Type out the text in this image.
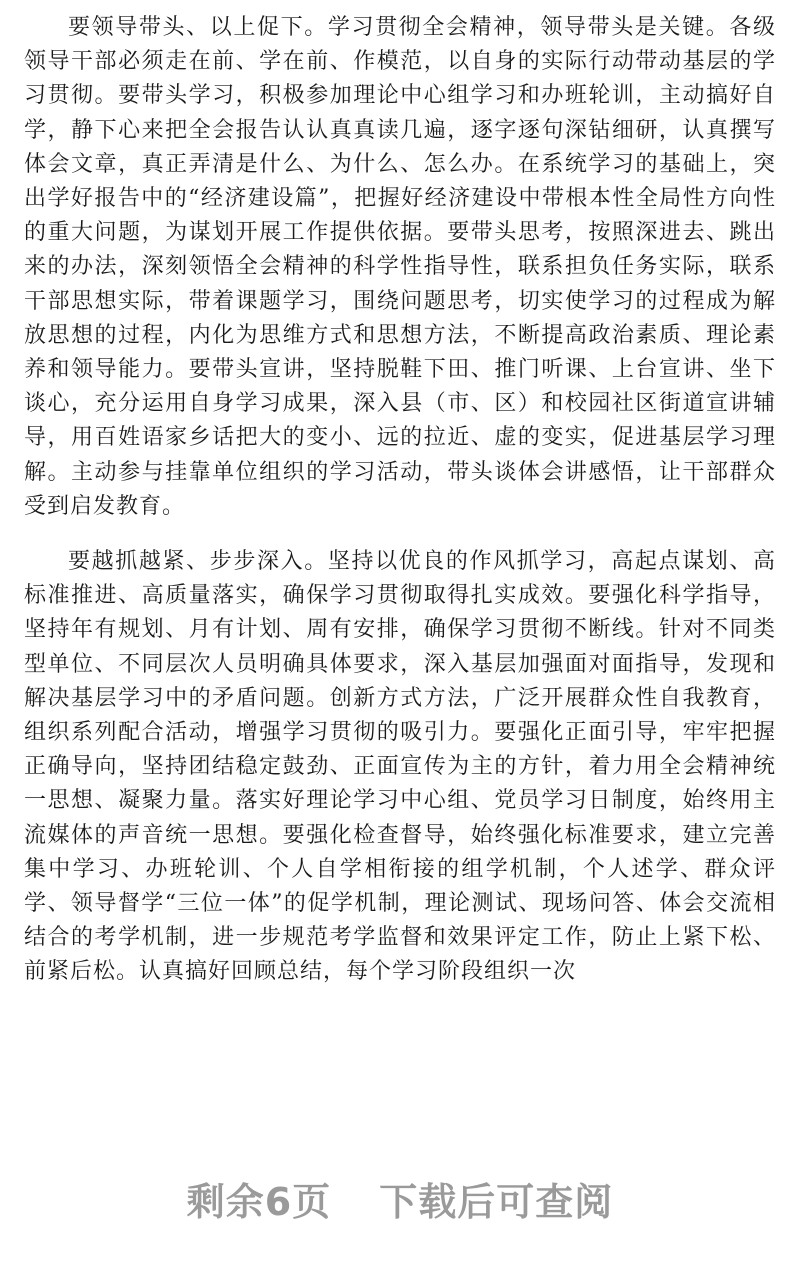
要领导带头、以上促下。学习贯彻全会精神，领导带头是关键。各级领导干部必须走在前、学在前、作模范，以自身的实际行动带动基层的学习贯彻。要带头学习，积极参加理论中心组学习和办班轮训，主动搞好自学，静下心来把全会报告认认真真读几遍，逐字逐句深钻细研，认真撰写体会文章，真正弄清是什么、为什么、怎么办。在系统学习的基础上，突出学好报告中的“经济建设篇”，把握好经济建设中带根本性全局性方向性的重大问题，为谋划开展工作提供依据。要带头思考，按照深进去、跳出来的办法，深刻领悟全会精神的科学性指导性，联系担负任务实际，联系干部思想实际，带着课题学习，围绕问题思考，切实使学习的过程成为解放思想的过程，内化为思维方式和思想方法，不断提高政治素质、理论素养和领导能力。要带头宣讲，坚持脱鞋下田、推门听课、上台宣讲、坐下谈心，充分运用自身学习成果，深入县（市、区）和校园社区街道宣讲辅导，用百姓语家乡话把大的变小、远的拉近、虚的变实，促进基层学习理解。主动参与挂靠单位组织的学习活动，带头谈体会讲感悟，让干部群众受到启发教育。

要越抓越紧、步步深入。坚持以优良的作风抓学习，高起点谋划、高标准推进、高质量落实，确保学习贯彻取得扎实成效。要强化科学指导，坚持年有规划、月有计划、周有安排，确保学习贯彻不断线。针对不同类型单位、不同层次人员明确具体要求，深入基层加强面对面指导，发现和解决基层学习中的矛盾问题。创新方式方法，广泛开展群众性自我教育，组织系列配合活动，增强学习贯彻的吸引力。要强化正面引导，牢牢把握正确导向，坚持团结稳定鼓劲、正面宣传为主的方针，着力用全会精神统一思想、凝聚力量。落实好理论学习中心组、党员学习日制度，始终用主流媒体的声音统一思想。要强化检查督导，始终强化标准要求，建立完善集中学习、办班轮训、个人自学相衔接的组学机制，个人述学、群众评学、领导督学“三位一体”的促学机制，理论测试、现场问答、体会交流相结合的考学机制，进一步规范考学监督和效果评定工作，防止上紧下松、前紧后松。认真搞好回顾总结，每个学习阶段组织一次

剩余6页 下载后可查阅
